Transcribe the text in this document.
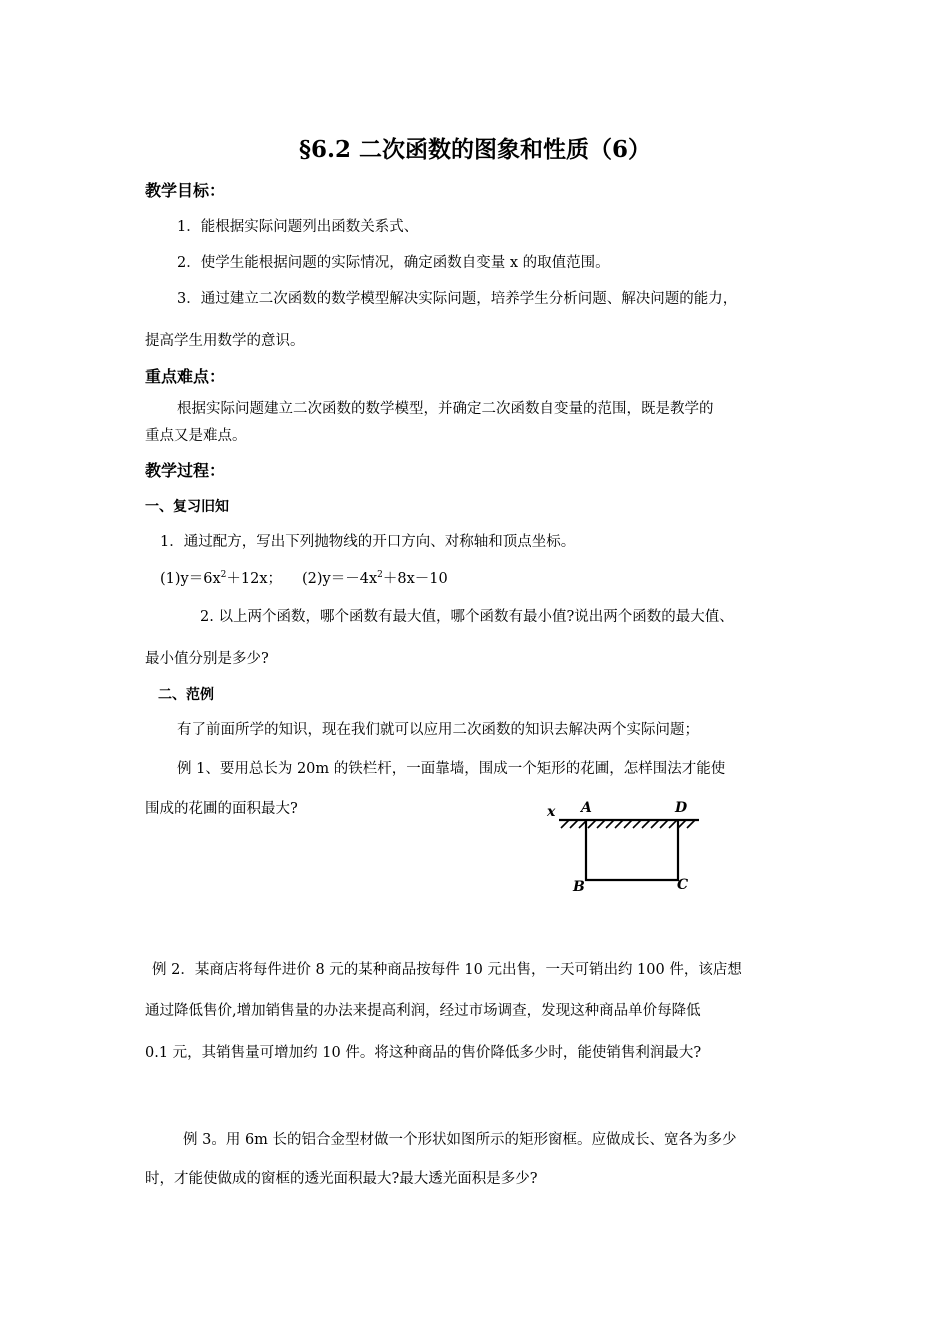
§6.2 二次函数的图象和性质（6）
教学目标：
1．能根据实际问题列出函数关系式、
2．使学生能根据问题的实际情况，确定函数自变量 x 的取值范围。
3．通过建立二次函数的数学模型解决实际问题，培养学生分析问题、解决问题的能力，
提高学生用数学的意识。
重点难点：
根据实际问题建立二次函数的数学模型，并确定二次函数自变量的范围，既是教学的
重点又是难点。
教学过程：
一、复习旧知
1．通过配方，写出下列抛物线的开口方向、对称轴和顶点坐标。
$(1)y=6x^2+12x$； $(2)y=-4x^2+8x-10$
2. 以上两个函数，哪个函数有最大值，哪个函数有最小值?说出两个函数的最大值、
最小值分别是多少?
二、范例
有了前面所学的知识，现在我们就可以应用二次函数的知识去解决两个实际问题；
例 1、要用总长为 20m 的铁栏杆，一面靠墙，围成一个矩形的花圃，怎样围法才能使
围成的花圃的面积最大?	x A	D
B	C
例 2．某商店将每件进价 8 元的某种商品按每件 10 元出售，一天可销出约 100 件，该店想
通过降低售价,增加销售量的办法来提高利润，经过市场调查，发现这种商品单价每降低
0.1 元，其销售量可增加约 10 件。将这种商品的售价降低多少时，能使销售利润最大?
例 3。用 6m 长的铝合金型材做一个形状如图所示的矩形窗框。应做成长、宽各为多少
时，才能使做成的窗框的透光面积最大?最大透光面积是多少?
